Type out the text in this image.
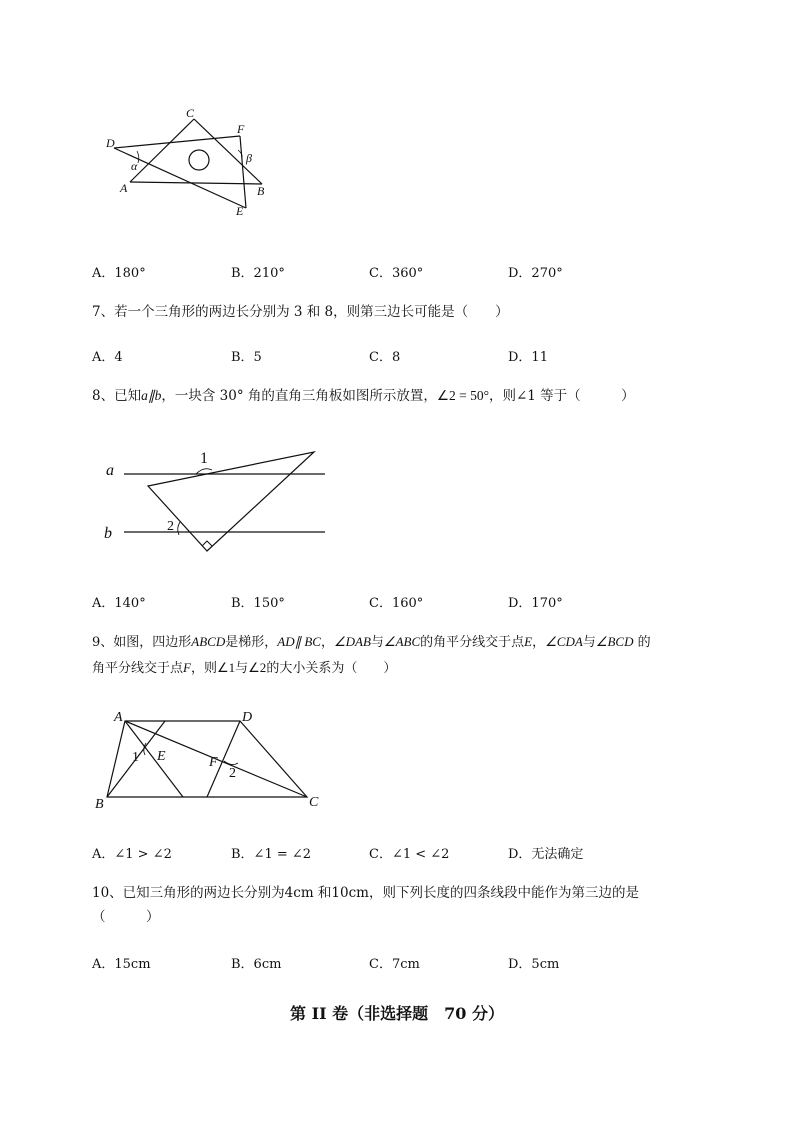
C
F
D
α
β
A	B
E
A．180°	B．210°	C．360°	D．270°
7、若一个三角形的两边长分别为 3 和 8，则第三边长可能是（　　）
A．4	B．5	C．8	D．11
8、已知a∥b，一块含 30° 角的直角三角板如图所示放置，∠2 = 50°，则∠1 等于（　　　）
a
b
1
2
A．140°	B．150°	C．160°	D．170°
9、如图，四边形ABCD是梯形，AD∥ BC，∠DAB与∠ABC的角平分线交于点E，∠CDA与∠BCD 的
角平分线交于点F，则∠1与∠2的大小关系为（　　）
A	D
1 E	F
2
B	C
A．∠1 > ∠2	B．∠1 = ∠2	C．∠1 < ∠2	D．无法确定
10、已知三角形的两边长分别为4cm 和10cm，则下列长度的四条线段中能作为第三边的是
（　　　）
A．15cm	B．6cm	C．7cm	D．5cm
第 II 卷（非选择题　70 分）
